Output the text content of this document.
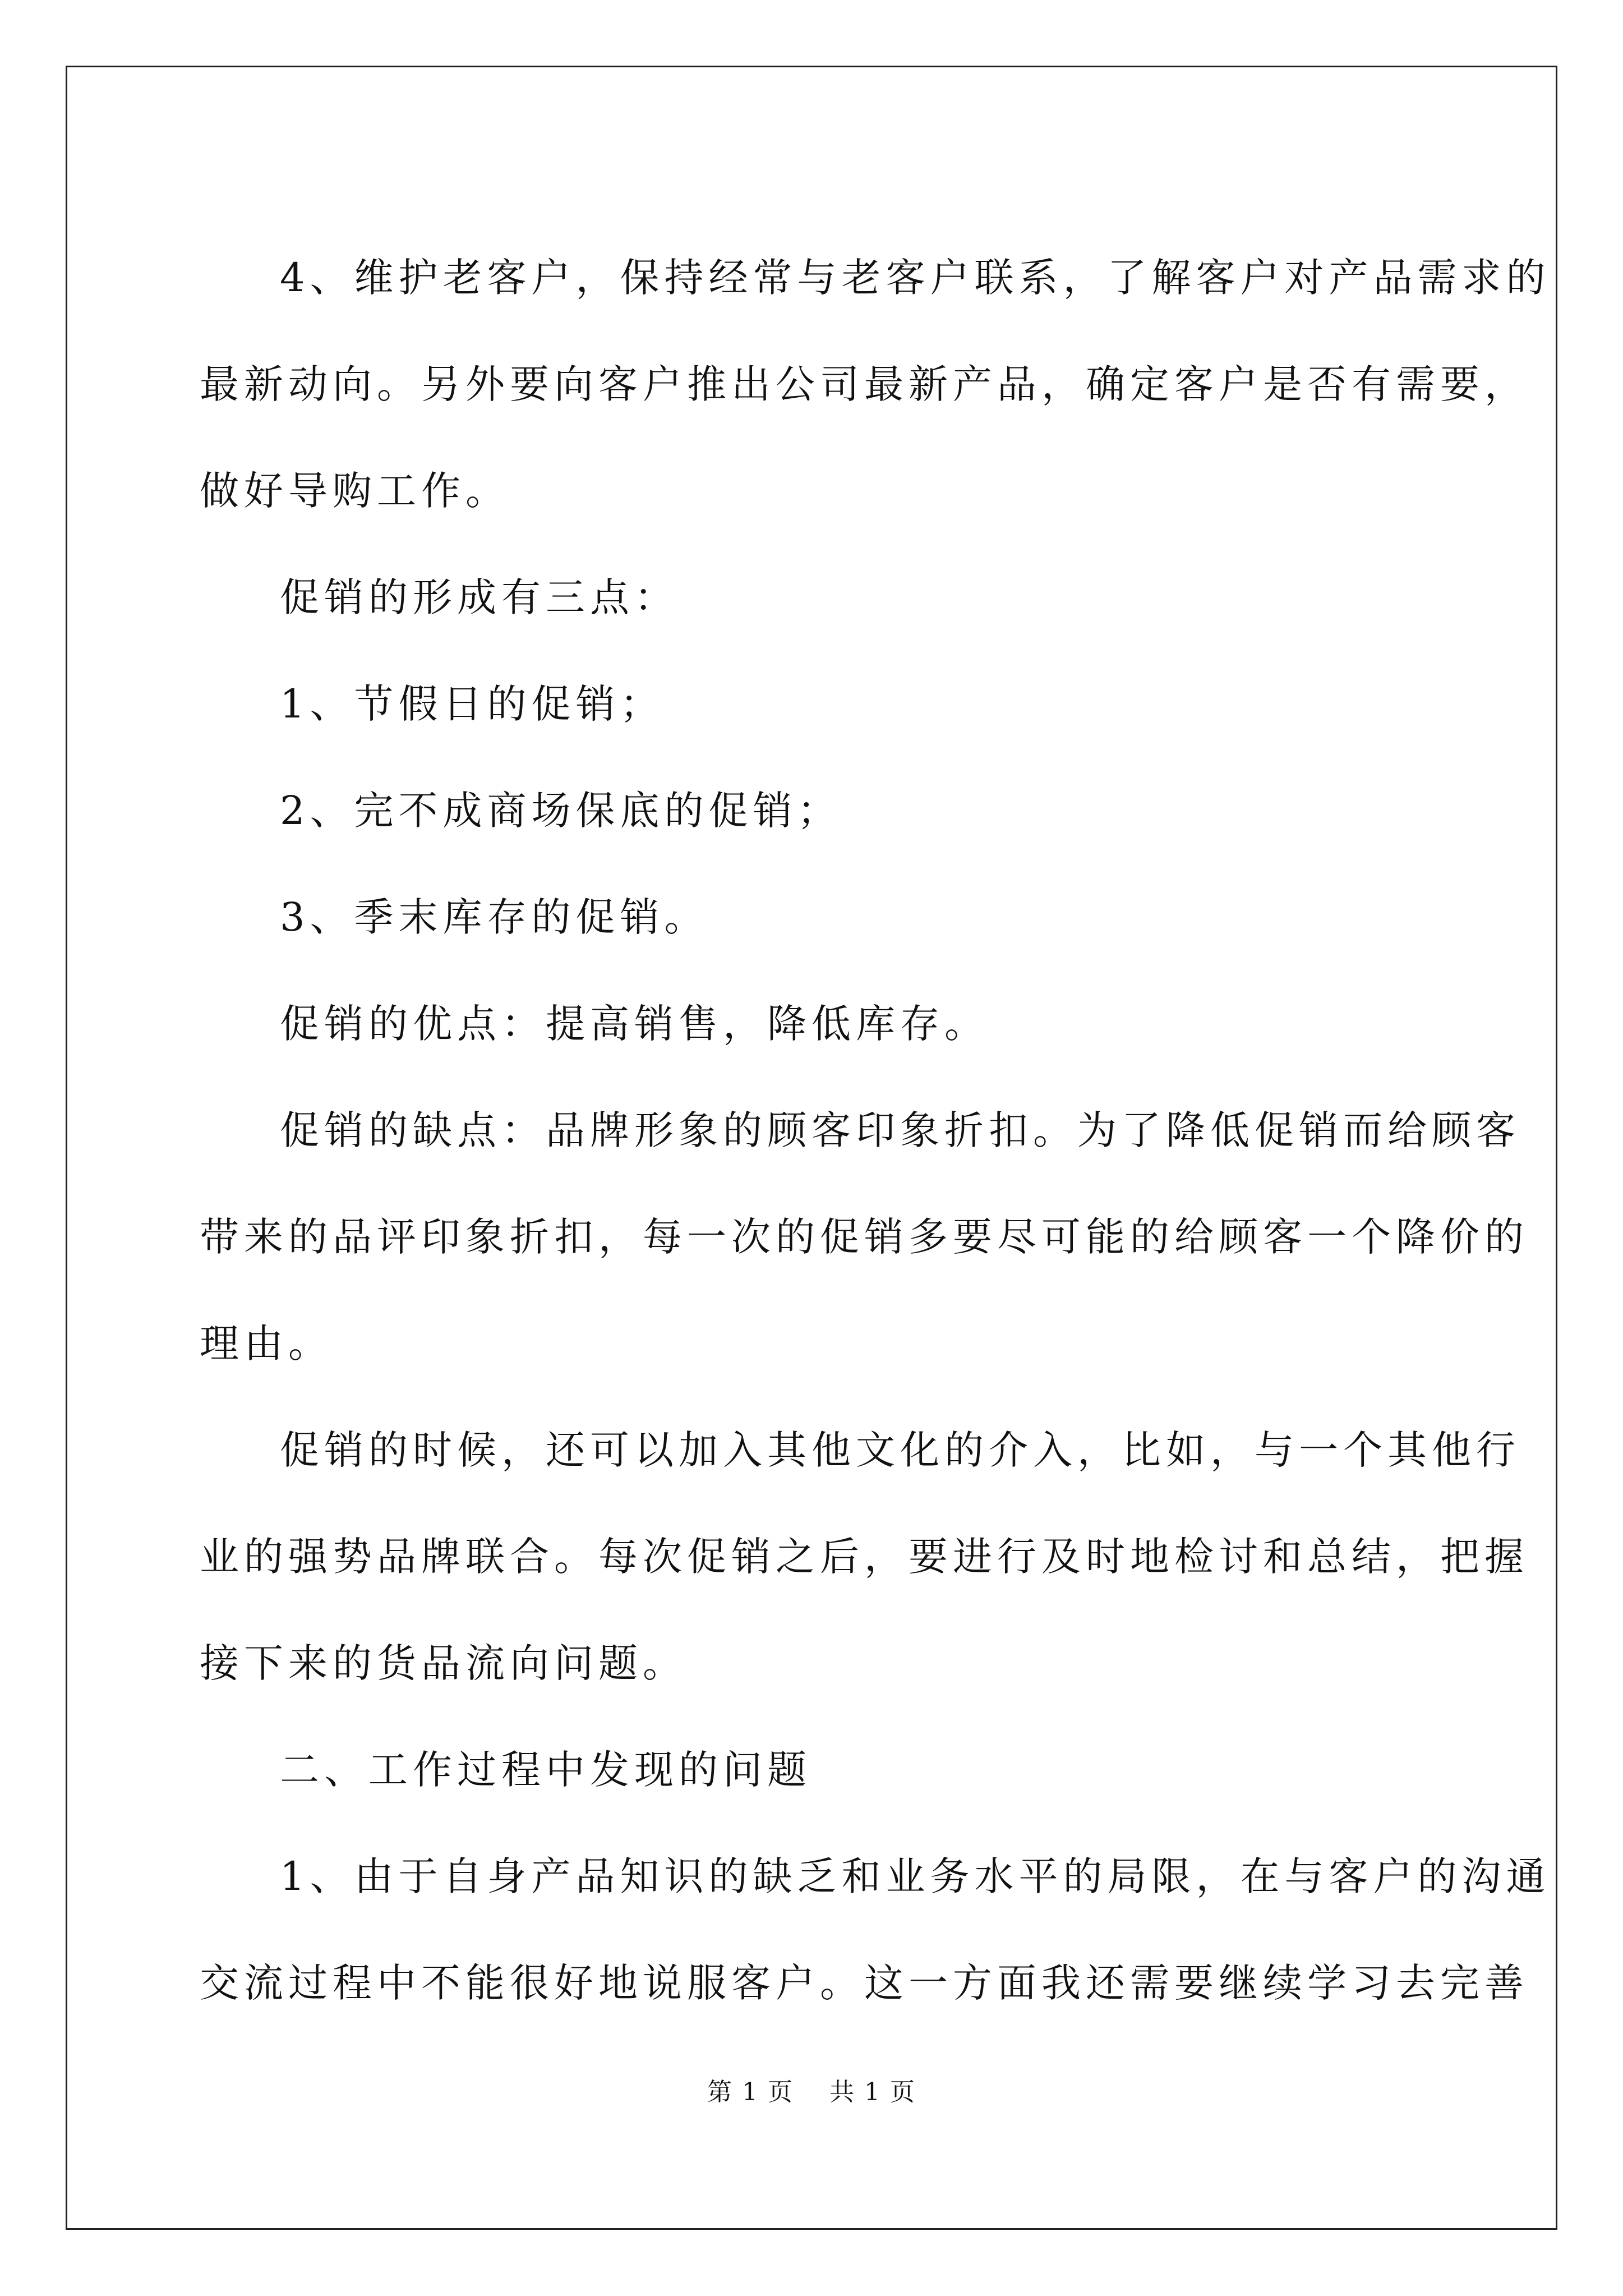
4、维护老客户，保持经常与老客户联系，了解客户对产品需求的
最新动向。另外要向客户推出公司最新产品，确定客户是否有需要，
做好导购工作。
促销的形成有三点：
1、节假日的促销；
2、完不成商场保底的促销；
3、季末库存的促销。
促销的优点：提高销售，降低库存。
促销的缺点：品牌形象的顾客印象折扣。为了降低促销而给顾客
带来的品评印象折扣，每一次的促销多要尽可能的给顾客一个降价的
理由。
促销的时候，还可以加入其他文化的介入，比如，与一个其他行
业的强势品牌联合。每次促销之后，要进行及时地检讨和总结，把握
接下来的货品流向问题。
二、工作过程中发现的问题
1、由于自身产品知识的缺乏和业务水平的局限，在与客户的沟通
交流过程中不能很好地说服客户。这一方面我还需要继续学习去完善
第 1 页 共 1 页
